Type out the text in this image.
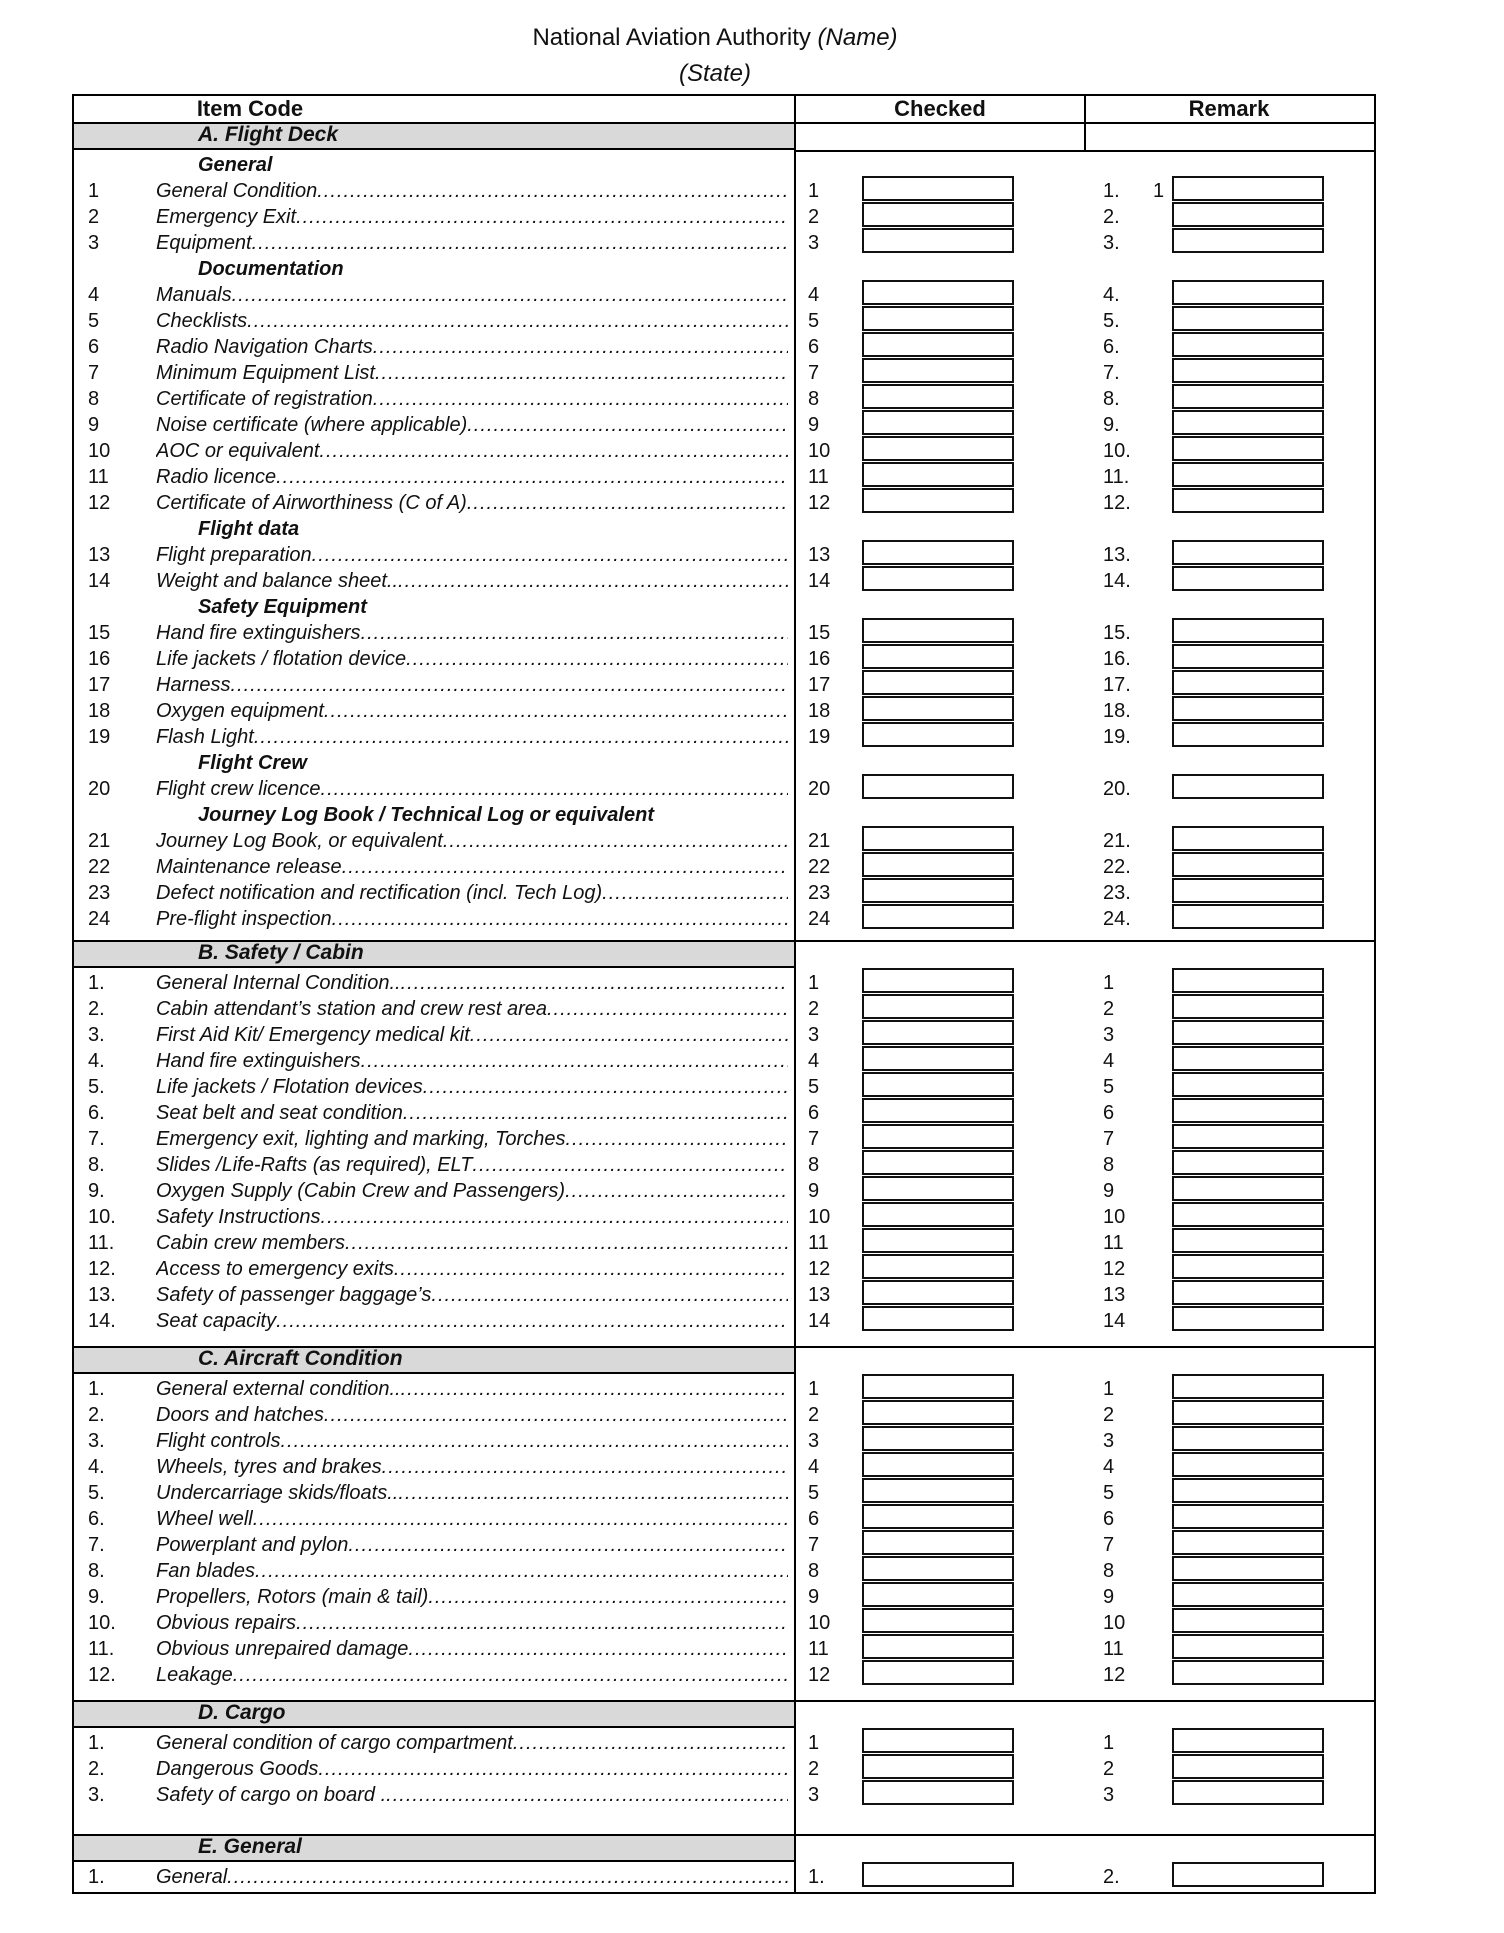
National Aviation Authority (Name)
(State)
Item Code	Checked	Remark
A. Flight Deck
General
1	General Condition .....	1	1. 1
2	Emergency Exit .....	2	2.
3	Equipment .....	3	3.
Documentation
4	Manuals .....	4	4.
5	Checklists .....	5	5.
6	Radio Navigation Charts .....	6	6.
7	Minimum Equipment List .....	7	7.
8	Certificate of registration .....	8	8.
9	Noise certificate (where applicable) .....	9	9.
10 AOC or equivalent .....	10	10.
11 Radio licence .....	11	11.
12 Certificate of Airworthiness (C of A) .....	12	12.
Flight data
13 Flight preparation .....	13	13.
14 Weight and balance sheet.. .....	14	14.
Safety Equipment
15 Hand fire extinguishers .....	15	15.
16 Life jackets / flotation device .....	16	16.
17 Harness .....	17	17.
18 Oxygen equipment .....	18	18.
19 Flash Light .....	19	19.
Flight Crew
20 Flight crew licence .....	20	20.
Journey Log Book / Technical Log or equivalent
21 Journey Log Book, or equivalent .....	21	21.
22 Maintenance release .....	22	22.
23 Defect notification and rectification (incl. Tech Log) .....	23	23.
24 Pre-flight inspection .....	24	24.
B. Safety / Cabin
1.	General Internal Condition.. .....	1	1
2.	Cabin attendant’s station and crew rest area .....	2	2
3.	First Aid Kit/ Emergency medical kit .....	3	3
4.	Hand fire extinguishers .....	4	4
5.	Life jackets / Flotation devices .....	5	5
6.	Seat belt and seat condition .....	6	6
7.	Emergency exit, lighting and marking, Torches .....	7	7
8.	Slides /Life-Rafts (as required), ELT .....	8	8
9.	Oxygen Supply (Cabin Crew and Passengers) .....	9	9
10. Safety Instructions .....	10	10
11. Cabin crew members .....	11	11
12. Access to emergency exits .....	12	12
13. Safety of passenger baggage’s .....	13	13
14. Seat capacity .....	14	14
C. Aircraft Condition
1.	General external condition.. .....	1	1
2.	Doors and hatches .....	2	2
3.	Flight controls .....	3	3
4.	Wheels, tyres and brakes .....	4	4
5.	Undercarriage skids/floats.. .....	5	5
6.	Wheel well .....	6	6
7.	Powerplant and pylon .....	7	7
8.	Fan blades .....	8	8
9.	Propellers, Rotors (main & tail) .....	9	9
10. Obvious repairs .....	10	10
11. Obvious unrepaired damage .....	11	11
12. Leakage .....	12	12
D. Cargo
1.	General condition of cargo compartment .....	1	1
2.	Dangerous Goods .....	2	2
3.	Safety of cargo on board . .....	3	3
E. General
1.	General .....	1.	2.
